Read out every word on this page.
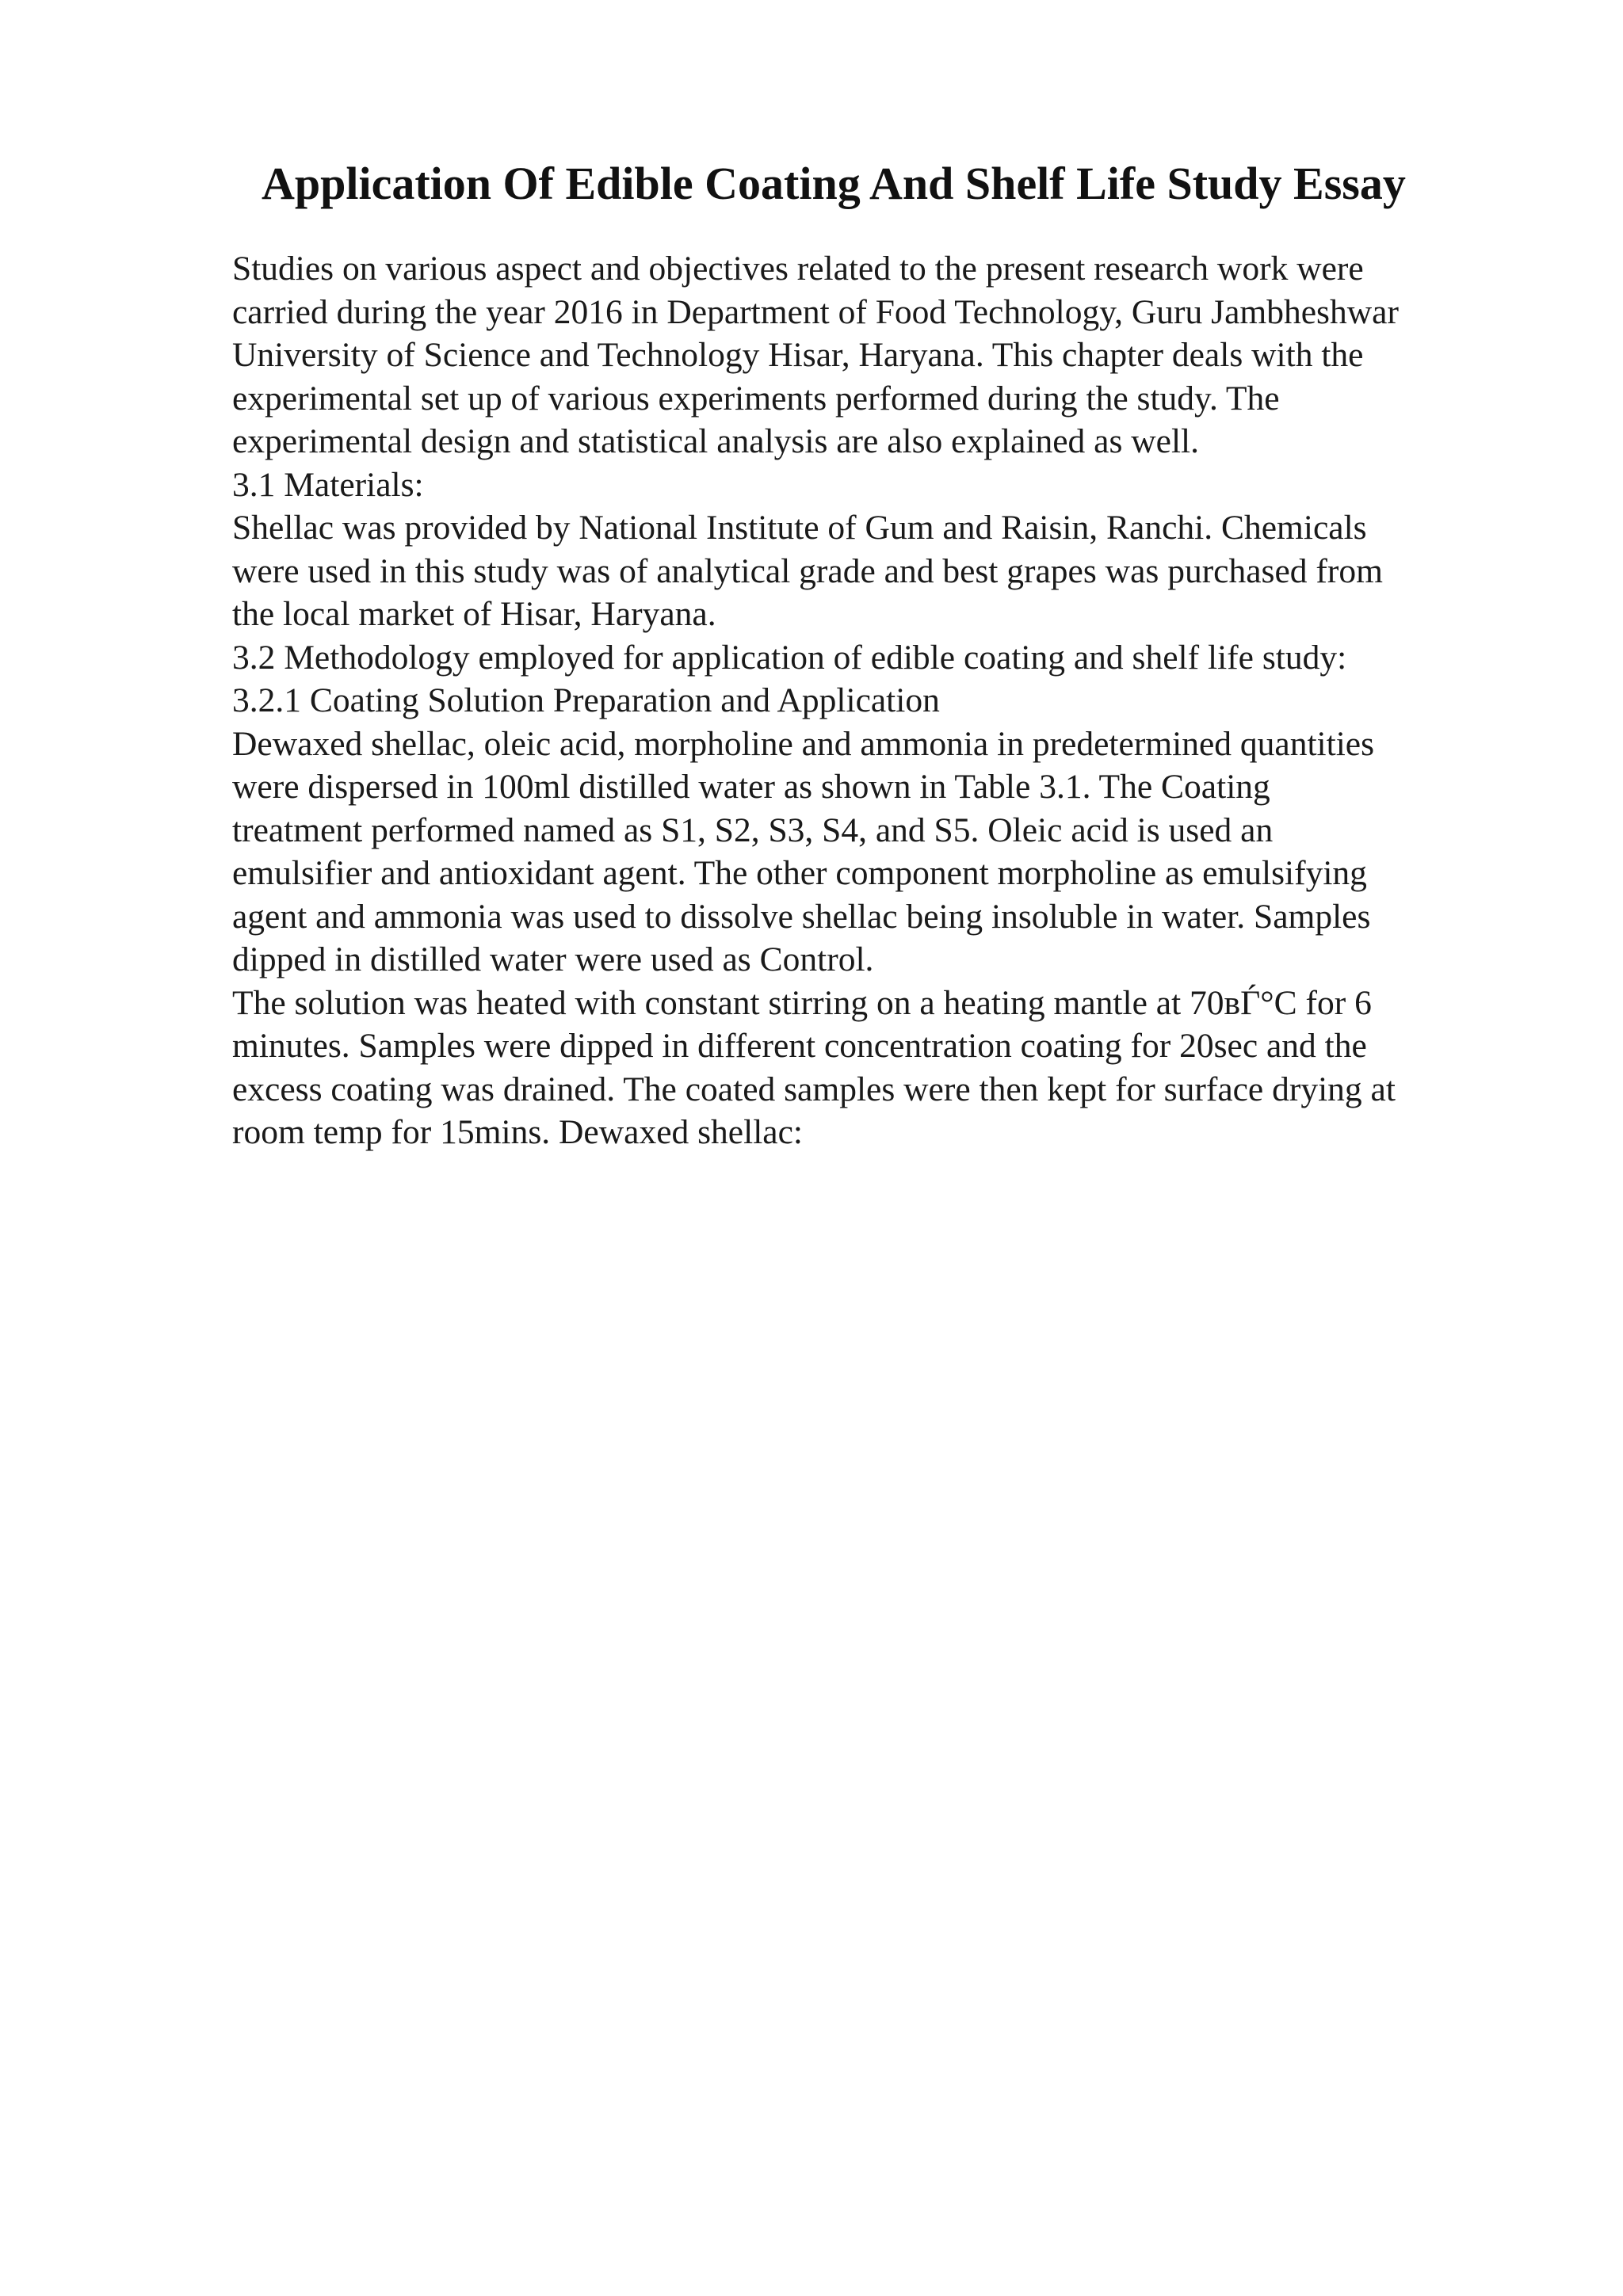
Application Of Edible Coating And Shelf Life Study Essay
Studies on various aspect and objectives related to the present research work were
carried during the year 2016 in Department of Food Technology, Guru Jambheshwar
University of Science and Technology Hisar, Haryana. This chapter deals with the
experimental set up of various experiments performed during the study. The
experimental design and statistical analysis are also explained as well.
3.1 Materials:
Shellac was provided by National Institute of Gum and Raisin, Ranchi. Chemicals
were used in this study was of analytical grade and best grapes was purchased from
the local market of Hisar, Haryana.
3.2 Methodology employed for application of edible coating and shelf life study:
3.2.1 Coating Solution Preparation and Application
Dewaxed shellac, oleic acid, morpholine and ammonia in predetermined quantities
were dispersed in 100ml distilled water as shown in Table 3.1. The Coating
treatment performed named as S1, S2, S3, S4, and S5. Oleic acid is used an
emulsifier and antioxidant agent. The other component morpholine as emulsifying
agent and ammonia was used to dissolve shellac being insoluble in water. Samples
dipped in distilled water were used as Control.
The solution was heated with constant stirring on a heating mantle at 70вЃ°C for 6
minutes. Samples were dipped in different concentration coating for 20sec and the
excess coating was drained. The coated samples were then kept for surface drying at
room temp for 15mins. Dewaxed shellac:
